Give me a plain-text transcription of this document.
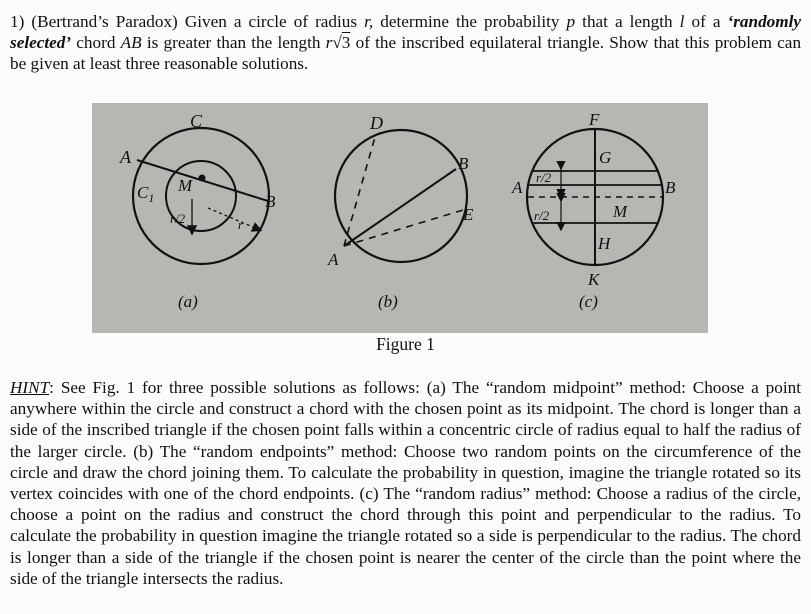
1) (Bertrand’s Paradox) Given a circle of radius r, determine the probability p that a length l of a ‘randomly selected’ chord AB is greater than the length r√3 of the inscribed equilateral triangle. Show that this problem can be given at least three reasonable solutions.

C
A
$C_1$
M
B
r/2	r
(a)
D
B
E
A
(b)
F
G
A	B
M
H
K
r/2
r/2
(c)
Figure 1

HINT: See Fig. 1 for three possible solutions as follows: (a) The “random midpoint” method: Choose a point anywhere within the circle and construct a chord with the chosen point as its midpoint. The chord is longer than a side of the inscribed triangle if the chosen point falls within a concentric circle of radius equal to half the radius of the larger circle. (b) The “random endpoints” method: Choose two random points on the circumference of the circle and draw the chord joining them. To calculate the probability in question, imagine the triangle rotated so its vertex coincides with one of the chord endpoints. (c) The “random radius” method: Choose a radius of the circle, choose a point on the radius and construct the chord through this point and perpendicular to the radius. To calculate the probability in question imagine the triangle rotated so a side is perpendicular to the radius. The chord is longer than a side of the triangle if the chosen point is nearer the center of the circle than the point where the side of the triangle intersects the radius.
